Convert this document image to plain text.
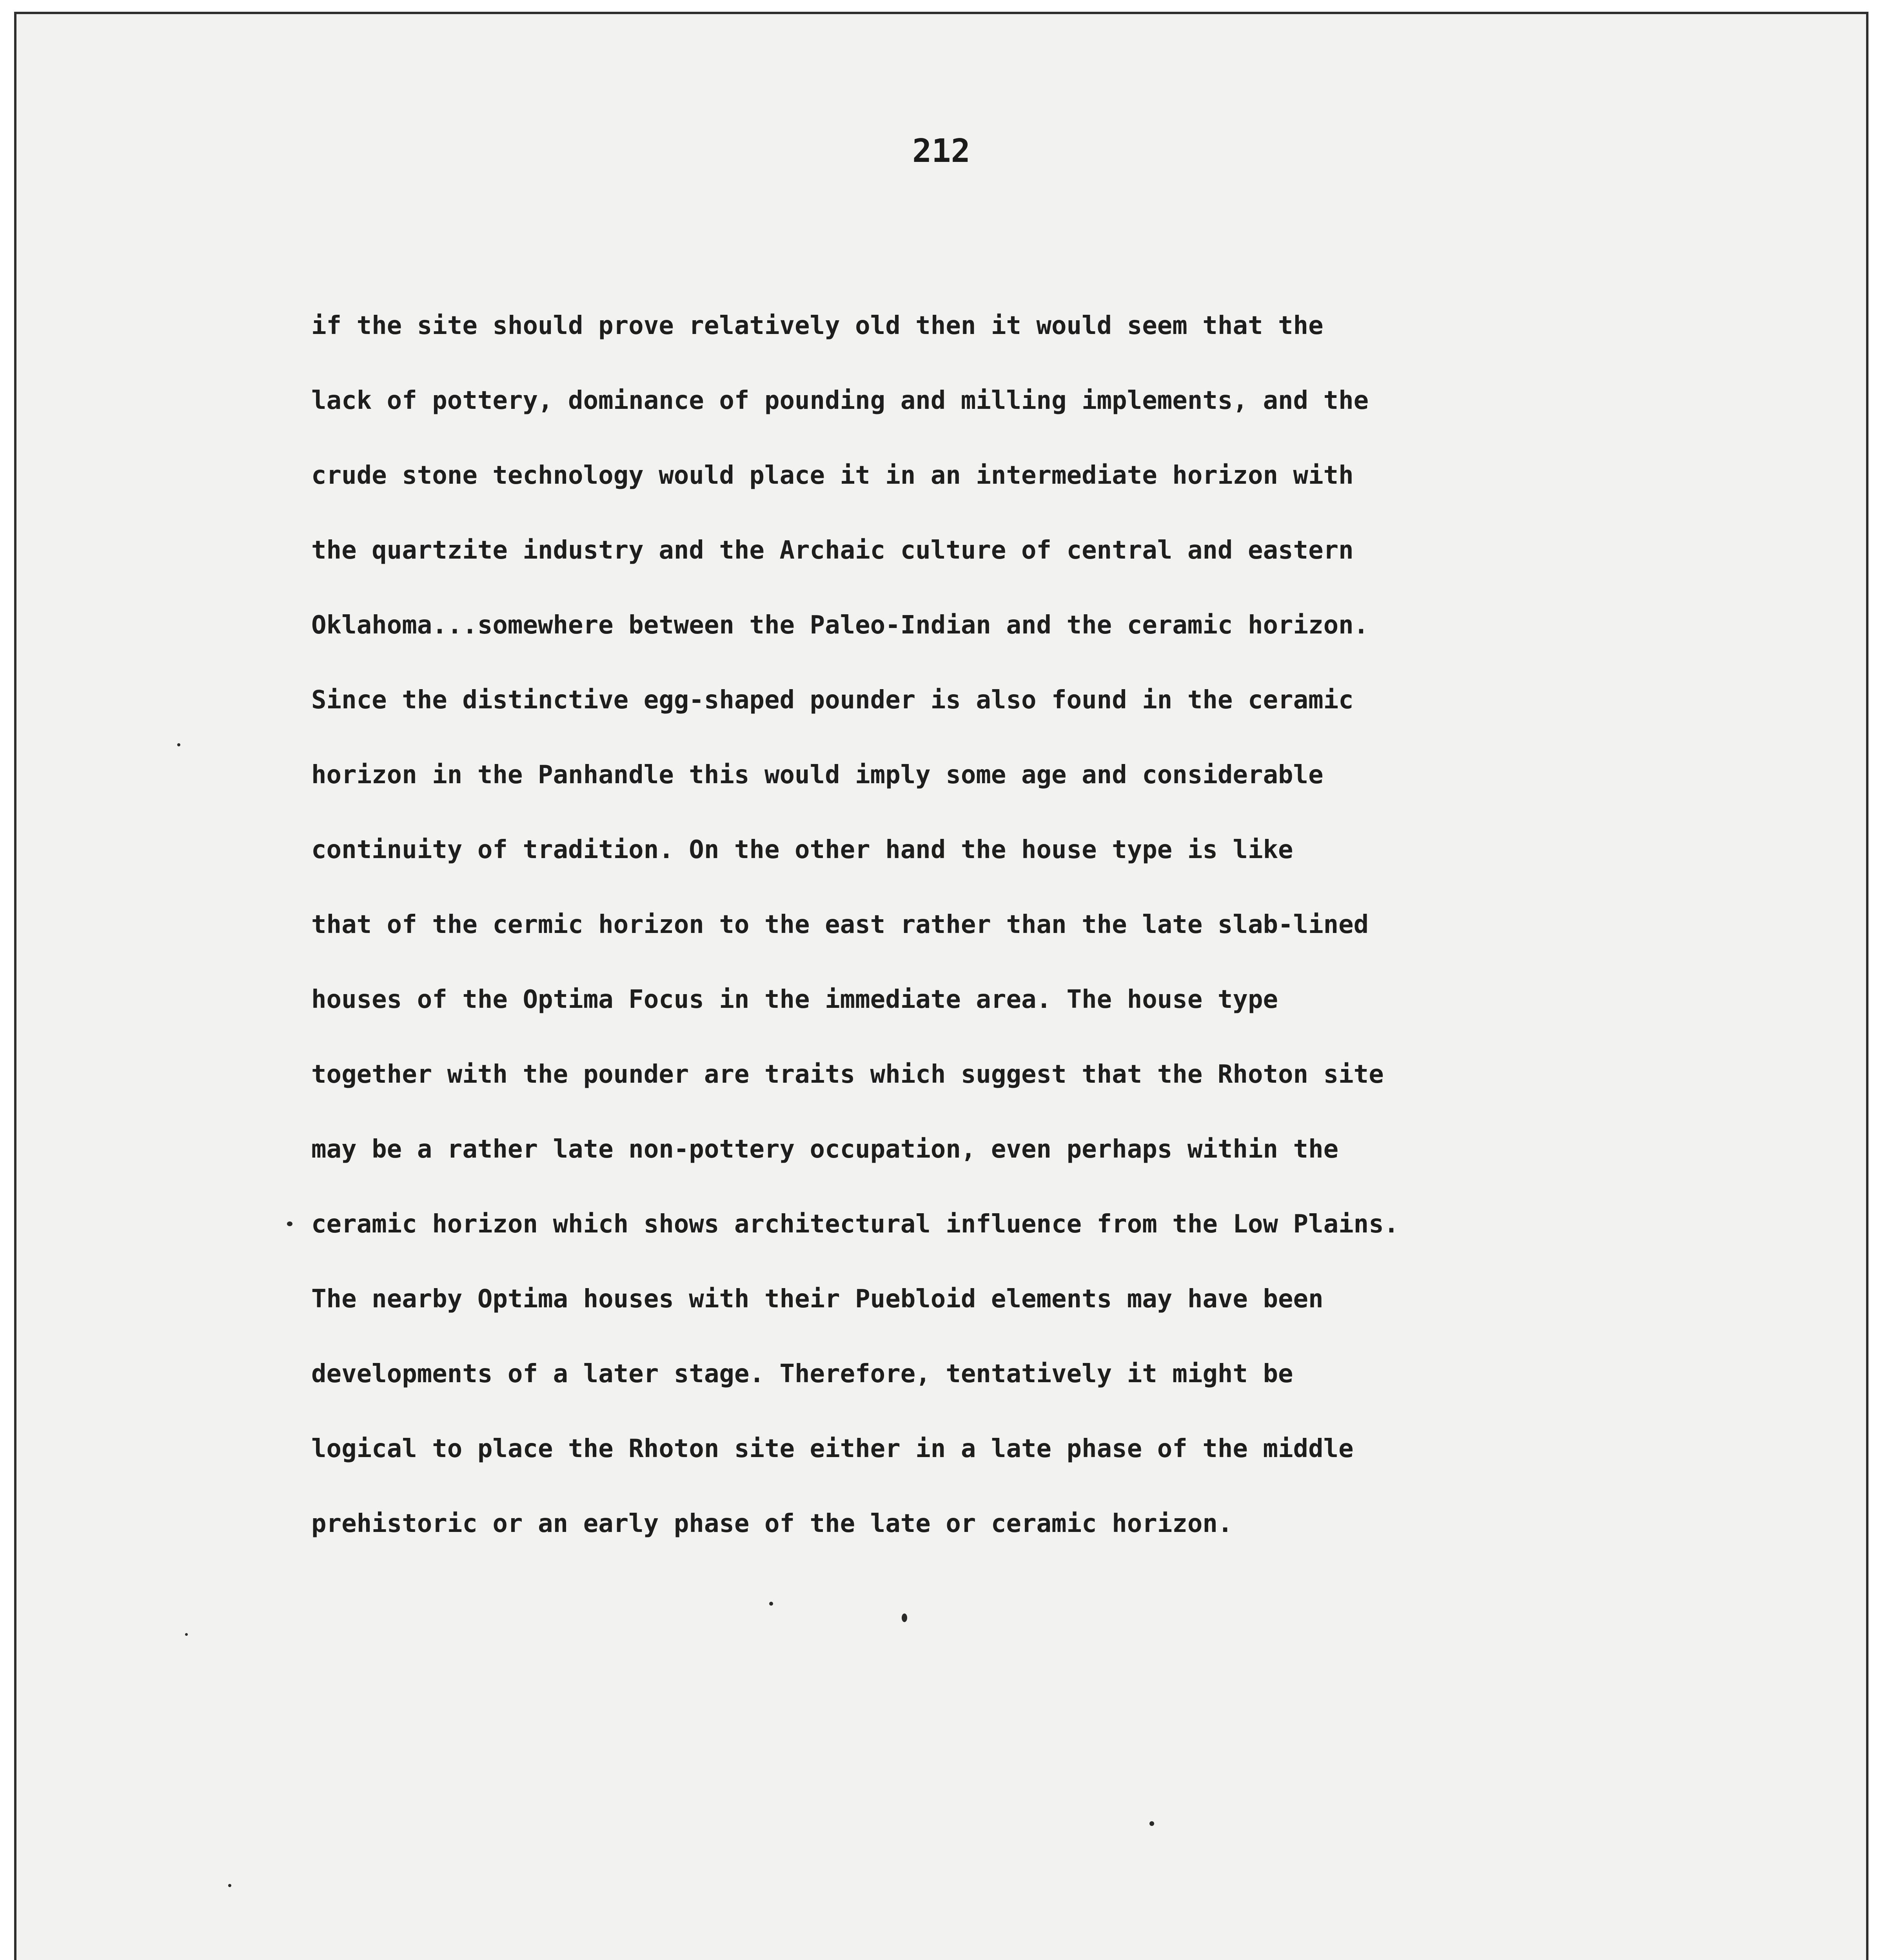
212
if the site should prove relatively old then it would seem that the
lack of pottery, dominance of pounding and milling implements, and the
crude stone technology would place it in an intermediate horizon with
the quartzite industry and the Archaic culture of central and eastern
Oklahoma...somewhere between the Paleo-Indian and the ceramic horizon.
Since the distinctive egg-shaped pounder is also found in the ceramic
horizon in the Panhandle this would imply some age and considerable
continuity of tradition. On the other hand the house type is like
that of the cermic horizon to the east rather than the late slab-lined
houses of the Optima Focus in the immediate area. The house type
together with the pounder are traits which suggest that the Rhoton site
may be a rather late non-pottery occupation, even perhaps within the
ceramic horizon which shows architectural influence from the Low Plains.
The nearby Optima houses with their Puebloid elements may have been
developments of a later stage. Therefore, tentatively it might be
logical to place the Rhoton site either in a late phase of the middle
prehistoric or an early phase of the late or ceramic horizon.
